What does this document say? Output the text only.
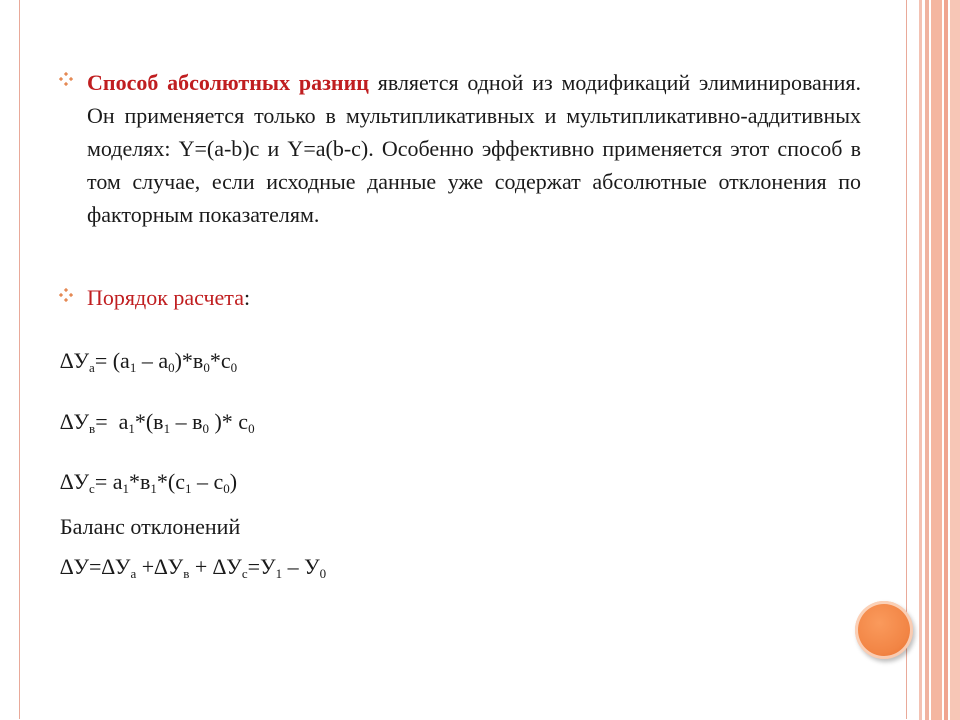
Способ абсолютных разниц является одной из модификаций элиминирования. Он применяется только в мультипликативных и мультипликативно-аддитивных моделях: Y=(a-b)c и Y=a(b-c). Особенно эффективно применяется этот способ в том случае, если исходные данные уже содержат абсолютные отклонения по факторным показателям.
Порядок расчета:
$\Delta У_а= (а_1 - а_0)*в_0*с_0$
$\Delta У_в= а_1*(в_1 - в_0$ )* $с_0$
$\Delta У_с= а_1*в_1*(с_1 - с_0)$
Баланс отклонений
$\Delta У=\Delta У_а +\Delta У_в + \Delta У_с=У_1 - У_0$
